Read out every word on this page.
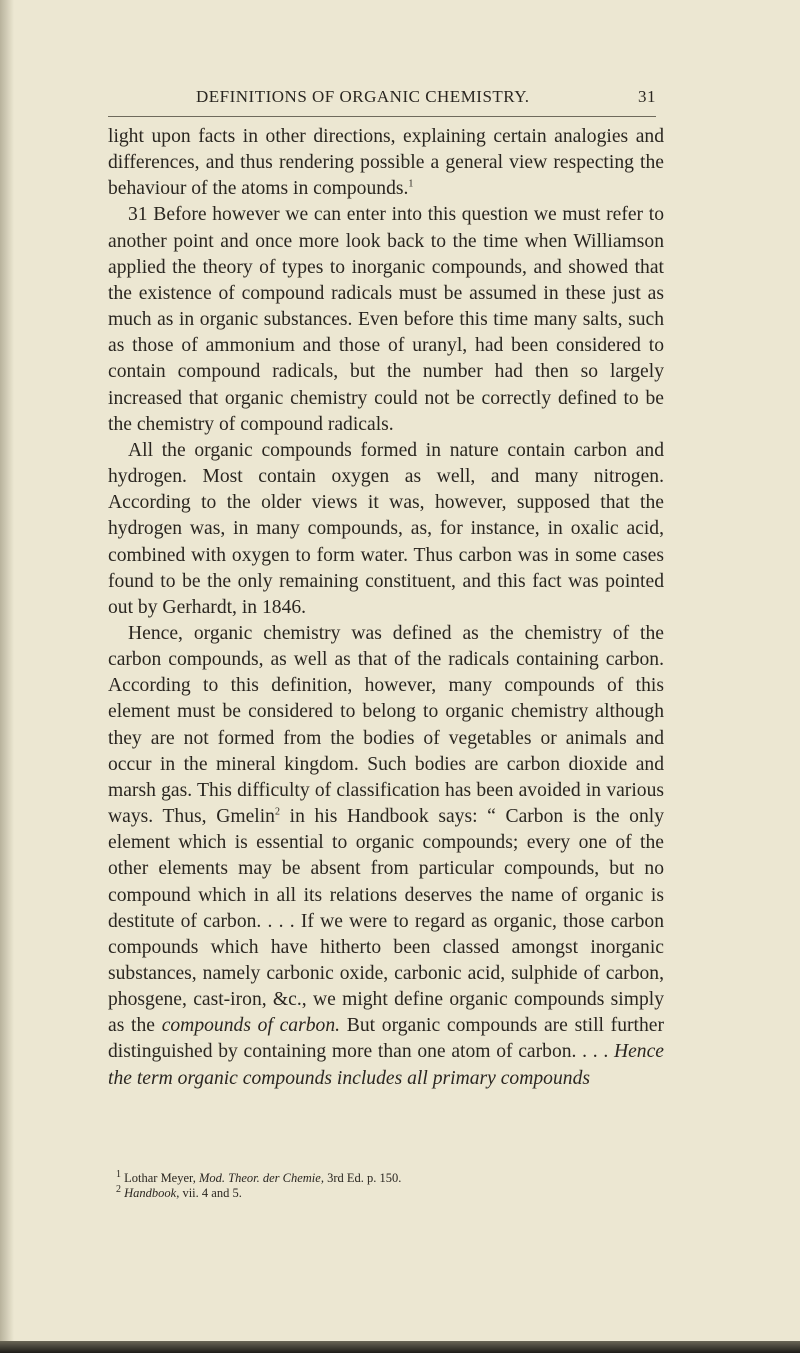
DEFINITIONS OF ORGANIC CHEMISTRY.	31

light upon facts in other directions, explaining certain analogies and differences, and thus rendering possible a general view respecting the behaviour of the atoms in compounds.$^1$

31 Before however we can enter into this question we must refer to another point and once more look back to the time when Williamson applied the theory of types to inorganic compounds, and showed that the existence of compound radicals must be assumed in these just as much as in organic substances. Even before this time many salts, such as those of ammonium and those of uranyl, had been considered to contain compound radicals, but the number had then so largely increased that organic chemistry could not be correctly defined to be the chemistry of compound radicals.

All the organic compounds formed in nature contain carbon and hydrogen. Most contain oxygen as well, and many nitrogen. According to the older views it was, however, supposed that the hydrogen was, in many compounds, as, for instance, in oxalic acid, combined with oxygen to form water. Thus carbon was in some cases found to be the only remaining constituent, and this fact was pointed out by Gerhardt, in 1846.

Hence, organic chemistry was defined as the chemistry of the carbon compounds, as well as that of the radicals containing carbon. According to this definition, however, many compounds of this element must be considered to belong to organic chemistry although they are not formed from the bodies of vegetables or animals and occur in the mineral kingdom. Such bodies are carbon dioxide and marsh gas. This difficulty of classification has been avoided in various ways. Thus, Gmelin$^2$ in his Handbook says: “ Carbon is the only element which is essential to organic compounds; every one of the other elements may be absent from particular compounds, but no compound which in all its relations deserves the name of organic is destitute of carbon. . . . If we were to regard as organic, those carbon compounds which have hitherto been classed amongst inorganic substances, namely carbonic oxide, carbonic acid, sulphide of carbon, phosgene, cast-iron, &c., we might define organic compounds simply as the compounds of carbon. But organic compounds are still further distinguished by containing more than one atom of carbon. . . . Hence the term organic compounds includes all primary compounds

$^1$ Lothar Meyer, Mod. Theor. der Chemie, 3rd Ed. p. 150.
$^2$ Handbook, vii. 4 and 5.
